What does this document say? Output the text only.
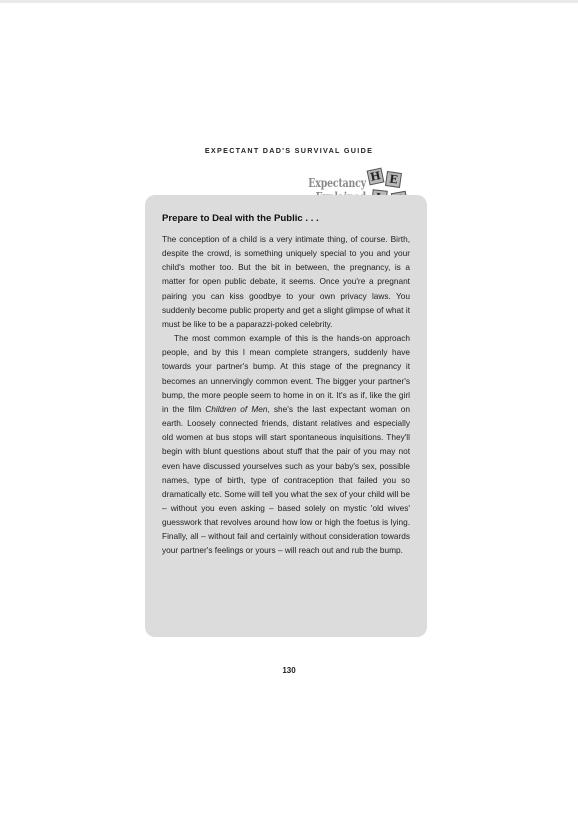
EXPECTANT DAD'S SURVIVAL GUIDE
Expectancy H E
Prepare to Deal with the Public . . .

The conception of a child is a very intimate thing, of course. Birth, despite the crowd, is something uniquely special to you and your child's mother too. But the bit in between, the pregnancy, is a matter for open public debate, it seems. Once you're a pregnant pairing you can kiss goodbye to your own privacy laws. You suddenly become public property and get a slight glimpse of what it must be like to be a paparazzi-poked celebrity.

The most common example of this is the hands-on approach people, and by this I mean complete strangers, suddenly have towards your partner's bump. At this stage of the pregnancy it becomes an unnervingly common event. The bigger your partner's bump, the more people seem to home in on it. It's as if, like the girl in the film Children of Men, she's the last expectant woman on earth. Loosely connected friends, distant relatives and especially old women at bus stops will start spontaneous inquisitions. They'll begin with blunt questions about stuff that the pair of you may not even have discussed yourselves such as your baby's sex, possible names, type of birth, type of contraception that failed you so dramatically etc. Some will tell you what the sex of your child will be – without you even asking – based solely on mystic 'old wives' guesswork that revolves around how low or high the foetus is lying. Finally, all – without fail and certainly without consideration towards your partner's feelings or yours – will reach out and rub the bump.

130
